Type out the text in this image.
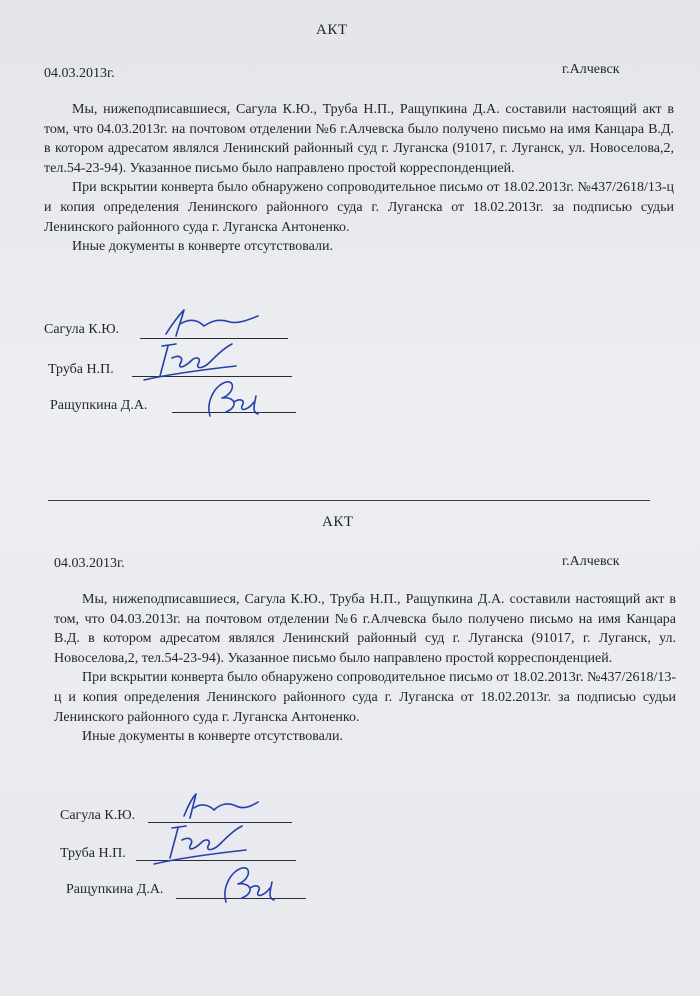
АКТ
04.03.2013г.	г.Алчевск

Мы, нижеподписавшиеся, Сагула К.Ю., Труба Н.П., Ращупкина Д.А. составили настоящий акт в том, что 04.03.2013г. на почтовом отделении №6 г.Алчевска было получено письмо на имя Канцара В.Д. в котором адресатом являлся Ленинский районный суд г. Луганска (91017, г. Луганск, ул. Новоселова,2, тел.54-23-94). Указанное письмо было направлено простой корреспонденцией.

При вскрытии конверта было обнаружено сопроводительное письмо от 18.02.2013г. №437/2618/13-ц и копия определения Ленинского районного суда г. Луганска от 18.02.2013г. за подписью судьи Ленинского районного суда г. Луганска Антоненко.

Иные документы в конверте отсутствовали.

Сагула К.Ю.
Труба Н.П.
Ращупкина Д.А.
АКТ
04.03.2013г.	г.Алчевск

Мы, нижеподписавшиеся, Сагула К.Ю., Труба Н.П., Ращупкина Д.А. составили настоящий акт в том, что 04.03.2013г. на почтовом отделении №6 г.Алчевска было получено письмо на имя Канцара В.Д. в котором адресатом являлся Ленинский районный суд г. Луганска (91017, г. Луганск, ул. Новоселова,2, тел.54-23-94). Указанное письмо было направлено простой корреспонденцией.

При вскрытии конверта было обнаружено сопроводительное письмо от 18.02.2013г. №437/2618/13-ц и копия определения Ленинского районного суда г. Луганска от 18.02.2013г. за подписью судьи Ленинского районного суда г. Луганска Антоненко.

Иные документы в конверте отсутствовали.

Сагула К.Ю.
Труба Н.П.
Ращупкина Д.А.
